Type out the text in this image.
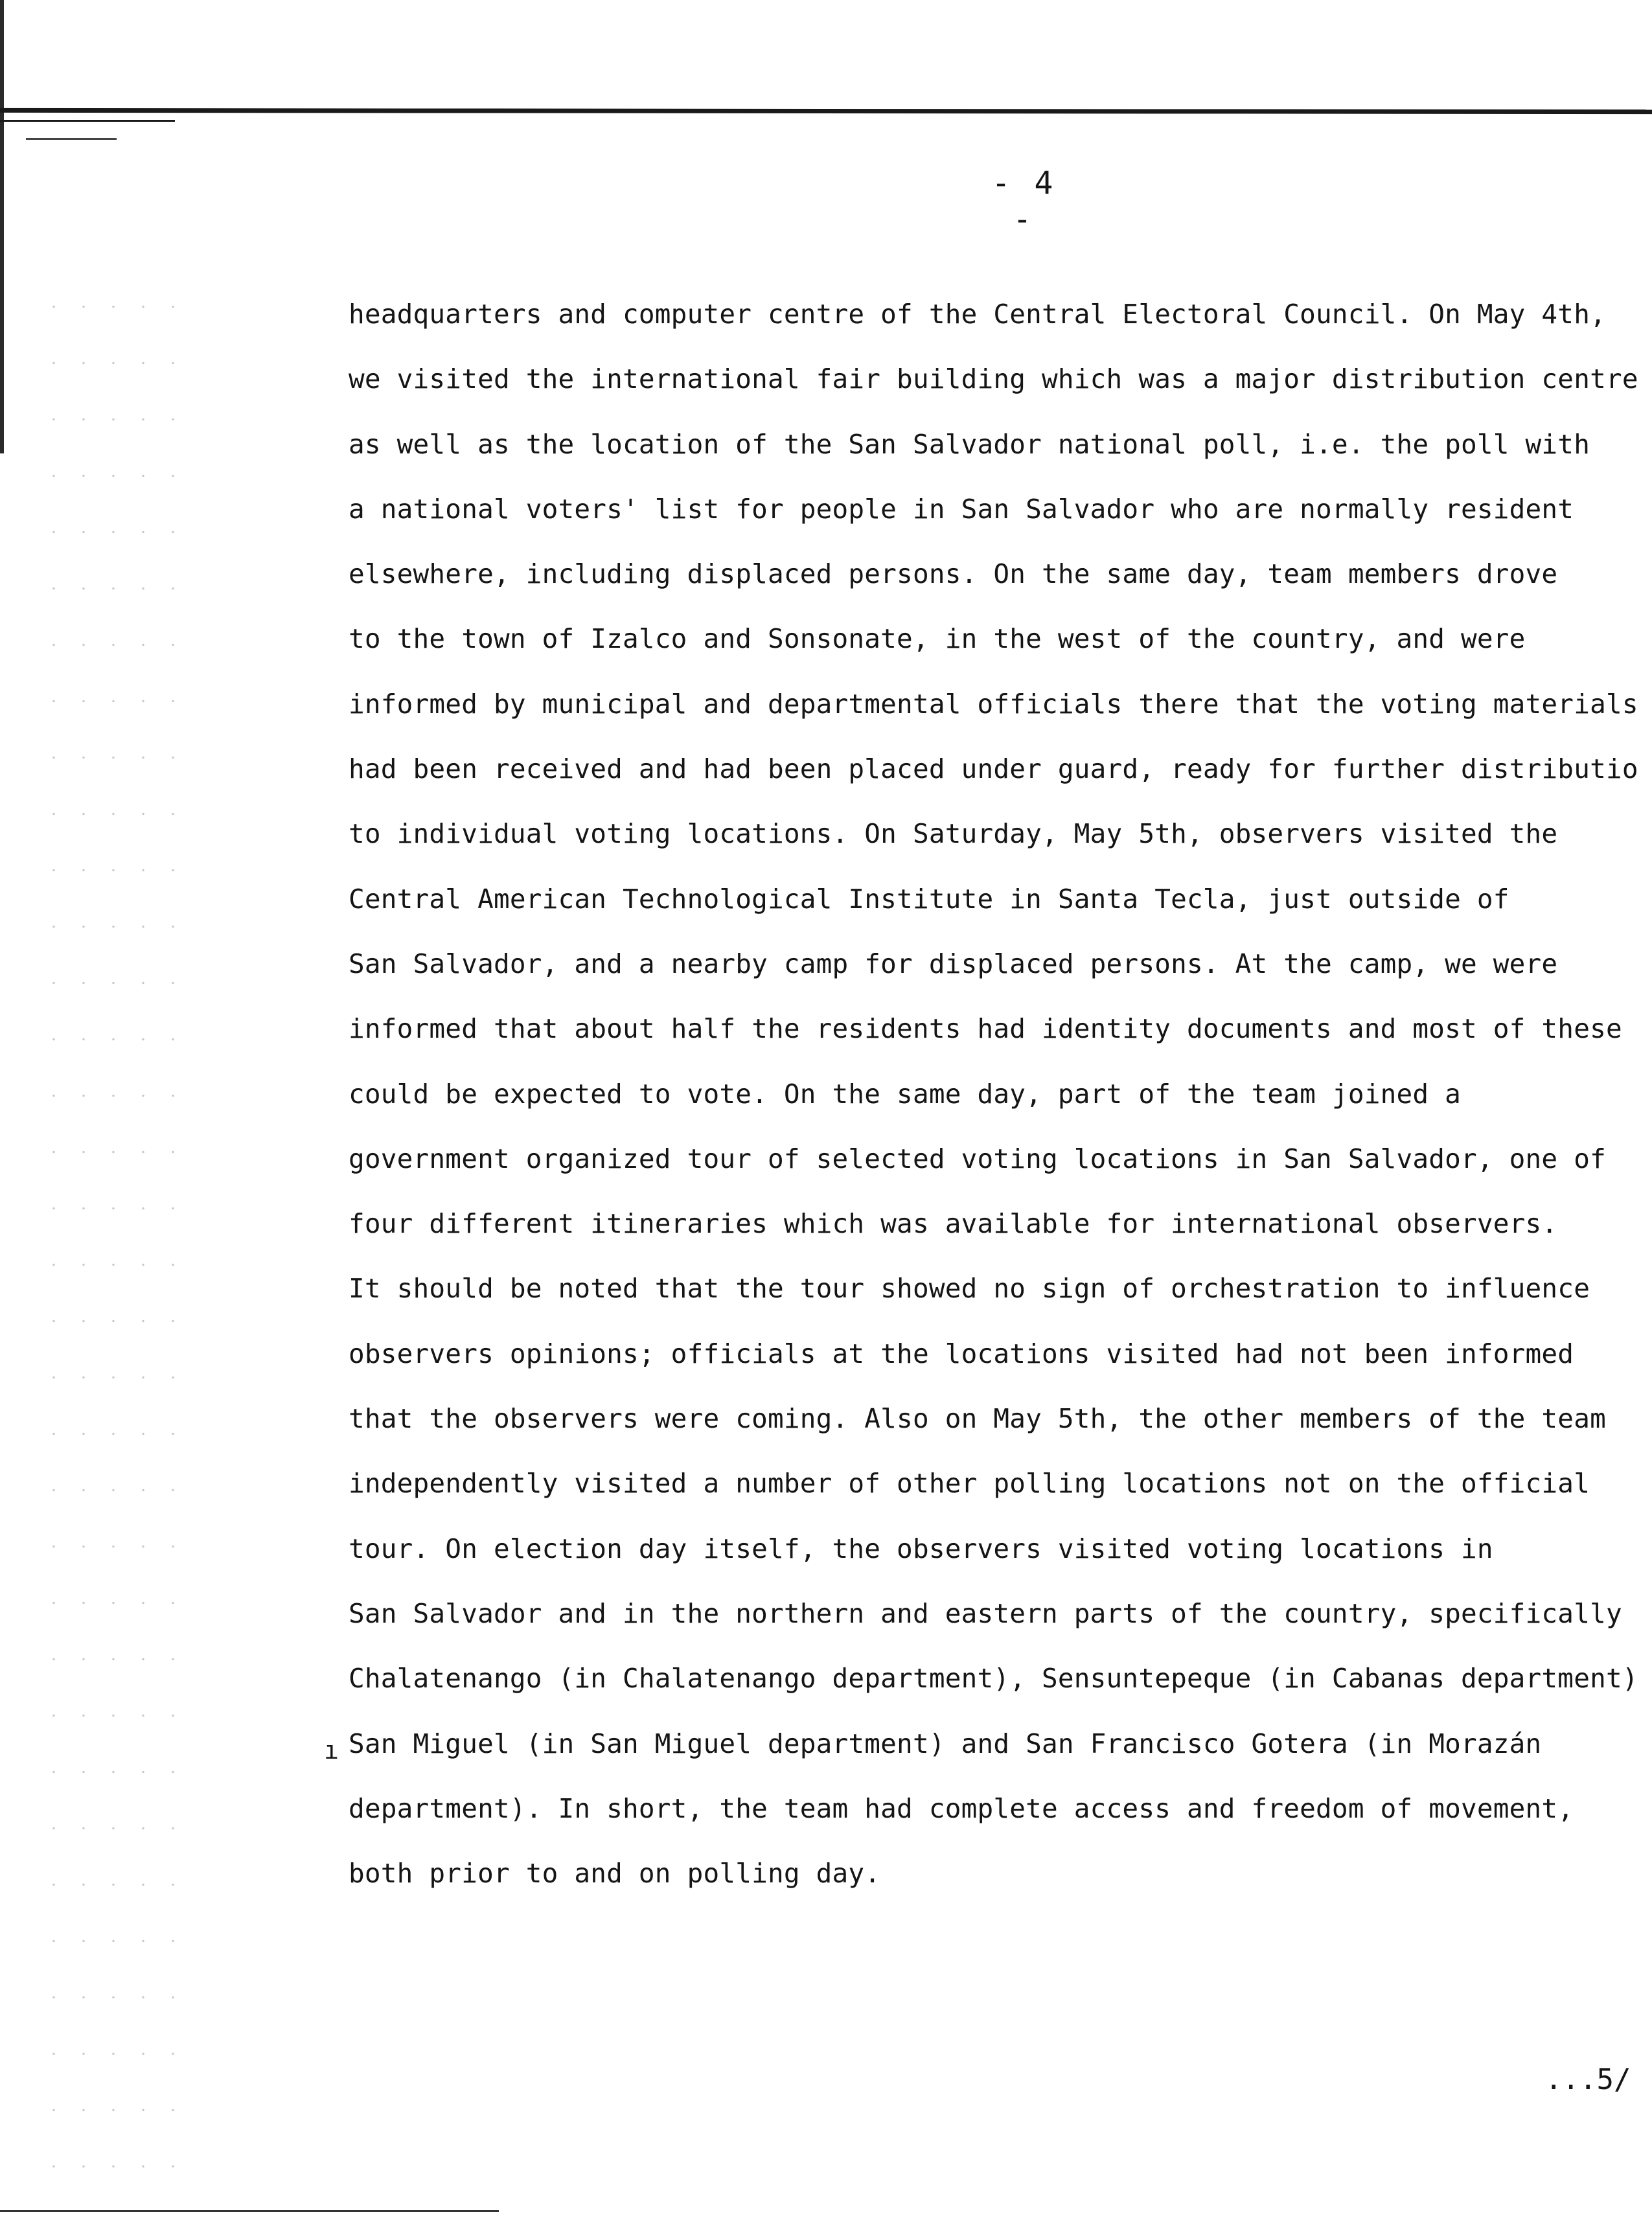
- 4 -
headquarters and computer centre of the Central Electoral Council. On May 4th,
we visited the international fair building which was a major distribution centre
as well as the location of the San Salvador national poll, i.e. the poll with
a national voters' list for people in San Salvador who are normally resident
elsewhere, including displaced persons. On the same day, team members drove
to the town of Izalco and Sonsonate, in the west of the country, and were
informed by municipal and departmental officials there that the voting materials
had been received and had been placed under guard, ready for further distributio
to individual voting locations. On Saturday, May 5th, observers visited the
Central American Technological Institute in Santa Tecla, just outside of
San Salvador, and a nearby camp for displaced persons. At the camp, we were
informed that about half the residents had identity documents and most of these
could be expected to vote. On the same day, part of the team joined a
government organized tour of selected voting locations in San Salvador, one of
four different itineraries which was available for international observers.
It should be noted that the tour showed no sign of orchestration to influence
observers opinions; officials at the locations visited had not been informed
that the observers were coming. Also on May 5th, the other members of the team
independently visited a number of other polling locations not on the official
tour. On election day itself, the observers visited voting locations in
San Salvador and in the northern and eastern parts of the country, specifically
Chalatenango (in Chalatenango department), Sensuntepeque (in Cabanas department)
San Miguel (in San Miguel department) and San Francisco Gotera (in Morazán
department). In short, the team had complete access and freedom of movement,
both prior to and on polling day.
ı
...5/
